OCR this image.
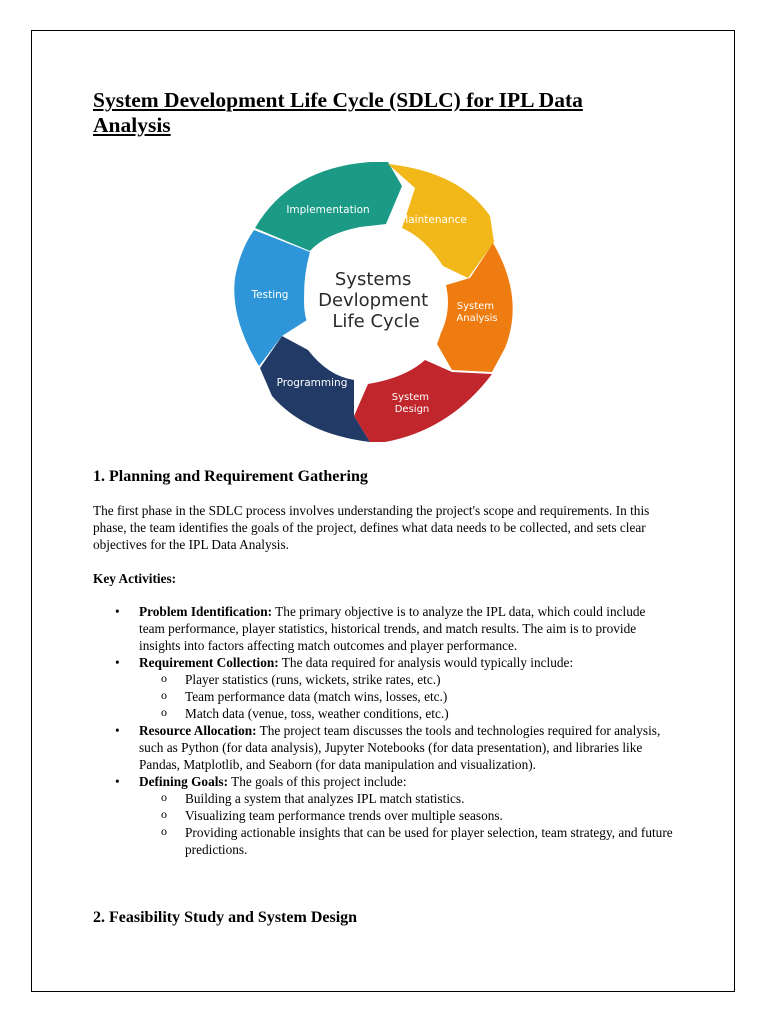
System Development Life Cycle (SDLC) for IPL Data Analysis
Implementation
Maintenance
System Analysis
System Design
Programming
Testing
Systems Devlopment Life Cycle
1. Planning and Requirement Gathering

The first phase in the SDLC process involves understanding the project's scope and requirements. In this phase, the team identifies the goals of the project, defines what data needs to be collected, and sets clear objectives for the IPL Data Analysis.

Key Activities:

• Problem Identification: The primary objective is to analyze the IPL data, which could include team performance, player statistics, historical trends, and match results. The aim is to provide insights into factors affecting match outcomes and player performance.
• Requirement Collection: The data required for analysis would typically include:
o Player statistics (runs, wickets, strike rates, etc.)
o Team performance data (match wins, losses, etc.)
o Match data (venue, toss, weather conditions, etc.)
• Resource Allocation: The project team discusses the tools and technologies required for analysis, such as Python (for data analysis), Jupyter Notebooks (for data presentation), and libraries like Pandas, Matplotlib, and Seaborn (for data manipulation and visualization).
• Defining Goals: The goals of this project include:
o Building a system that analyzes IPL match statistics.
o Visualizing team performance trends over multiple seasons.
o Providing actionable insights that can be used for player selection, team strategy, and future predictions.
2. Feasibility Study and System Design
